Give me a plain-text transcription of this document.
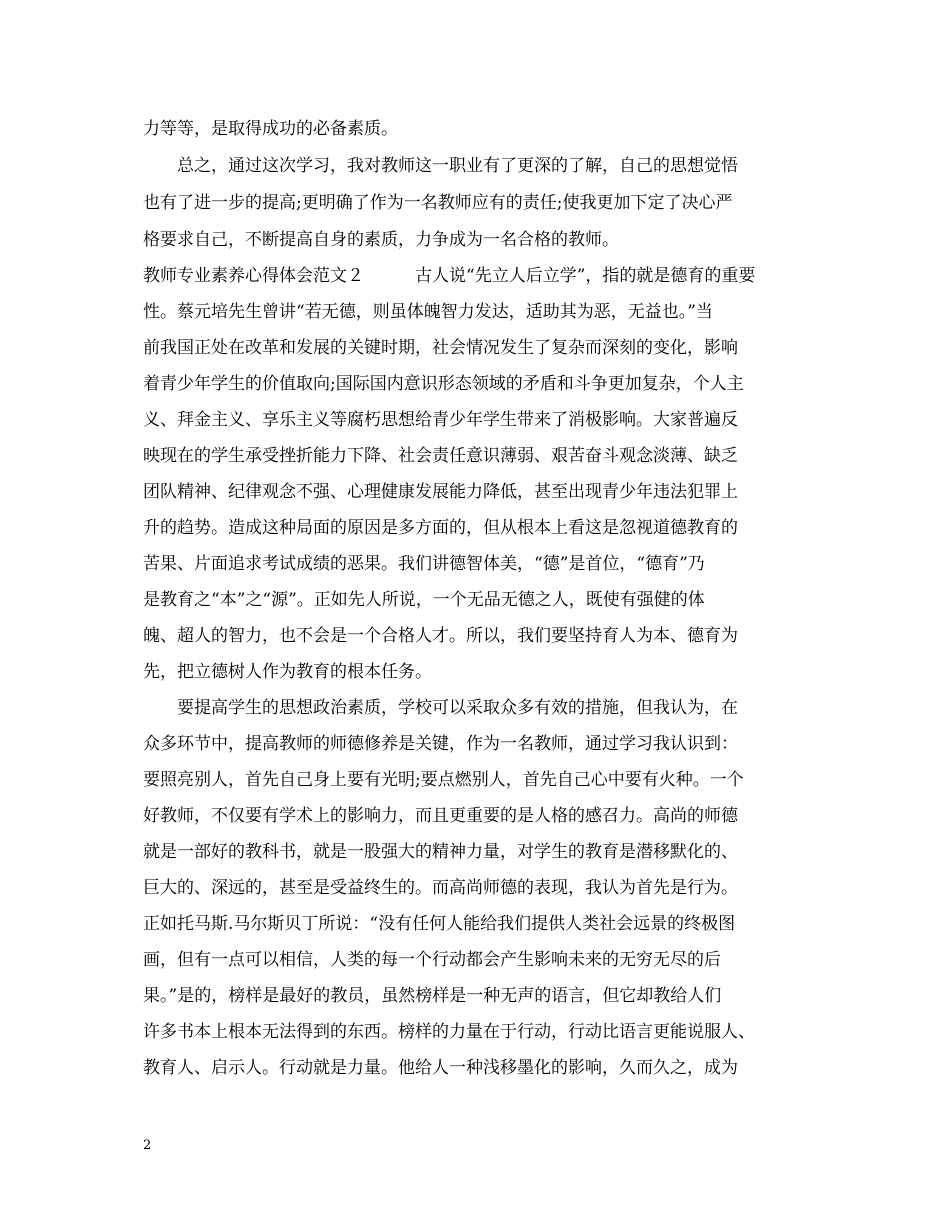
力等等，是取得成功的必备素质。
　　总之，通过这次学习，我对教师这一职业有了更深的了解，自己的思想觉悟
也有了进一步的提高;更明确了作为一名教师应有的责任;使我更加下定了决心严
格要求自己，不断提高自身的素质，力争成为一名合格的教师。
教师专业素养心得体会范文２　　　古人说“先立人后立学”，指的就是德育的重要
性。蔡元培先生曾讲“若无德，则虽体魄智力发达，适助其为恶，无益也。”当
前我国正处在改革和发展的关键时期，社会情况发生了复杂而深刻的变化，影响
着青少年学生的价值取向;国际国内意识形态领域的矛盾和斗争更加复杂，个人主
义、拜金主义、享乐主义等腐朽思想给青少年学生带来了消极影响。大家普遍反
映现在的学生承受挫折能力下降、社会责任意识薄弱、艰苦奋斗观念淡薄、缺乏
团队精神、纪律观念不强、心理健康发展能力降低，甚至出现青少年违法犯罪上
升的趋势。造成这种局面的原因是多方面的，但从根本上看这是忽视道德教育的
苦果、片面追求考试成绩的恶果。我们讲德智体美，“德”是首位，“德育”乃
是教育之“本”之“源”。正如先人所说，一个无品无德之人，既使有强健的体
魄、超人的智力，也不会是一个合格人才。所以，我们要坚持育人为本、德育为
先，把立德树人作为教育的根本任务。
　　要提高学生的思想政治素质，学校可以采取众多有效的措施，但我认为，在
众多环节中，提高教师的师德修养是关键，作为一名教师，通过学习我认识到：
要照亮别人，首先自己身上要有光明;要点燃别人，首先自己心中要有火种。一个
好教师，不仅要有学术上的影响力，而且更重要的是人格的感召力。高尚的师德
就是一部好的教科书，就是一股强大的精神力量，对学生的教育是潜移默化的、
巨大的、深远的，甚至是受益终生的。而高尚师德的表现，我认为首先是行为。
正如托马斯.马尔斯贝丁所说：“没有任何人能给我们提供人类社会远景的终极图
画，但有一点可以相信，人类的每一个行动都会产生影响未来的无穷无尽的后
果。”是的，榜样是最好的教员，虽然榜样是一种无声的语言，但它却教给人们
许多书本上根本无法得到的东西。榜样的力量在于行动，行动比语言更能说服人、
教育人、启示人。行动就是力量。他给人一种浅移墨化的影响，久而久之，成为
2
